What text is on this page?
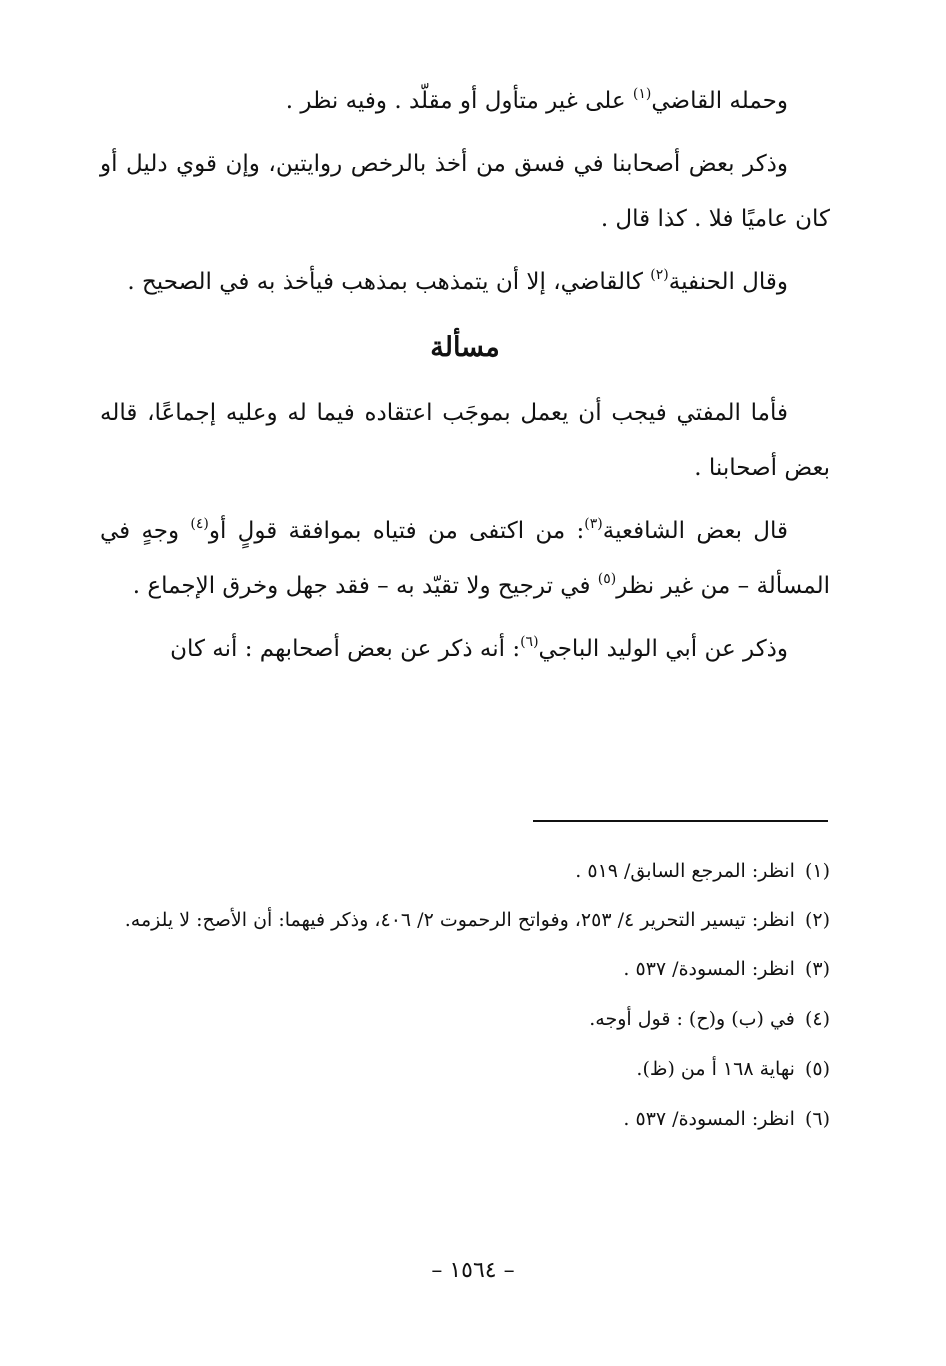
وحمله القاضي$^{(١)}$ على غير متأول أو مقلّد . وفيه نظر .

وذكر بعض أصحابنا في فسق من أخذ بالرخص روايتين، وإن قوي دليل أو كان عاميًا فلا . كذا قال .

وقال الحنفية$^{(٢)}$ كالقاضي، إلا أن يتمذهب بمذهب فيأخذ به في الصحيح .

مسألة

فأما المفتي فيجب أن يعمل بموجَب اعتقاده فيما له وعليه إجماعًا، قاله بعض أصحابنا .

قال بعض الشافعية$^{(٣)}$: من اكتفى من فتياه بموافقة قولٍ أو$^{(٤)}$ وجهٍ في المسألة – من غير نظر$^{(٥)}$ في ترجيح ولا تقيّد به – فقد جهل وخرق الإجماع .

وذكر عن أبي الوليد الباجي$^{(٦)}$: أنه ذكر عن بعض أصحابهم : أنه كان

(١) انظر: المرجع السابق/ ٥١٩ .

(٢) انظر: تيسير التحرير ٤/ ٢٥٣، وفواتح الرحموت ٢/ ٤٠٦، وذكر فيهما: أن الأصح: لا يلزمه.

(٣) انظر: المسودة/ ٥٣٧ .

(٤) في (ب) و(ح) : قول أوجه.

(٥) نهاية ١٦٨ أ من (ظ).

(٦) انظر: المسودة/ ٥٣٧ .

– ١٥٦٤ –
